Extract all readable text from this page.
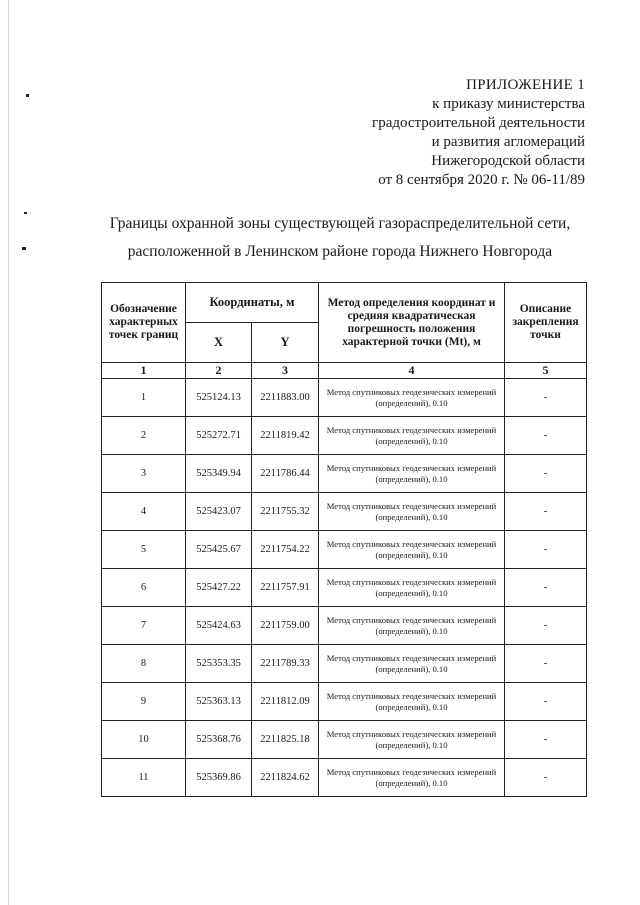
ПРИЛОЖЕНИЕ 1
к приказу министерства
градостроительной деятельности
и развития агломераций
Нижегородской области
от 8 сентября 2020 г. № 06-11/89
Границы охранной зоны существующей газораспределительной сети,
расположенной в Ленинском районе города Нижнего Новгорода
Обозначение характерных точек границ	Координаты, м		Метод определения координат и средняя квадратическая погрешность положения характерной точки (Mt), м	Описание закрепления точки
	X	Y		
1	2	3	4	5
1	525124.13	2211883.00	Метод спутниковых геодезических измерений (определений), 0.10	-
2	525272.71	2211819.42	Метод спутниковых геодезических измерений (определений), 0.10	-
3	525349.94	2211786.44	Метод спутниковых геодезических измерений (определений), 0.10	-
4	525423.07	2211755.32	Метод спутниковых геодезических измерений (определений), 0.10	-
5	525425.67	2211754.22	Метод спутниковых геодезических измерений (определений), 0.10	-
6	525427.22	2211757.91	Метод спутниковых геодезических измерений (определений), 0.10	-
7	525424.63	2211759.00	Метод спутниковых геодезических измерений (определений), 0.10	-
8	525353.35	2211789.33	Метод спутниковых геодезических измерений (определений), 0.10	-
9	525363.13	2211812.09	Метод спутниковых геодезических измерений (определений), 0.10	-
10	525368.76	2211825.18	Метод спутниковых геодезических измерений (определений), 0.10	-
11	525369.86	2211824.62	Метод спутниковых геодезических измерений (определений), 0.10	-
